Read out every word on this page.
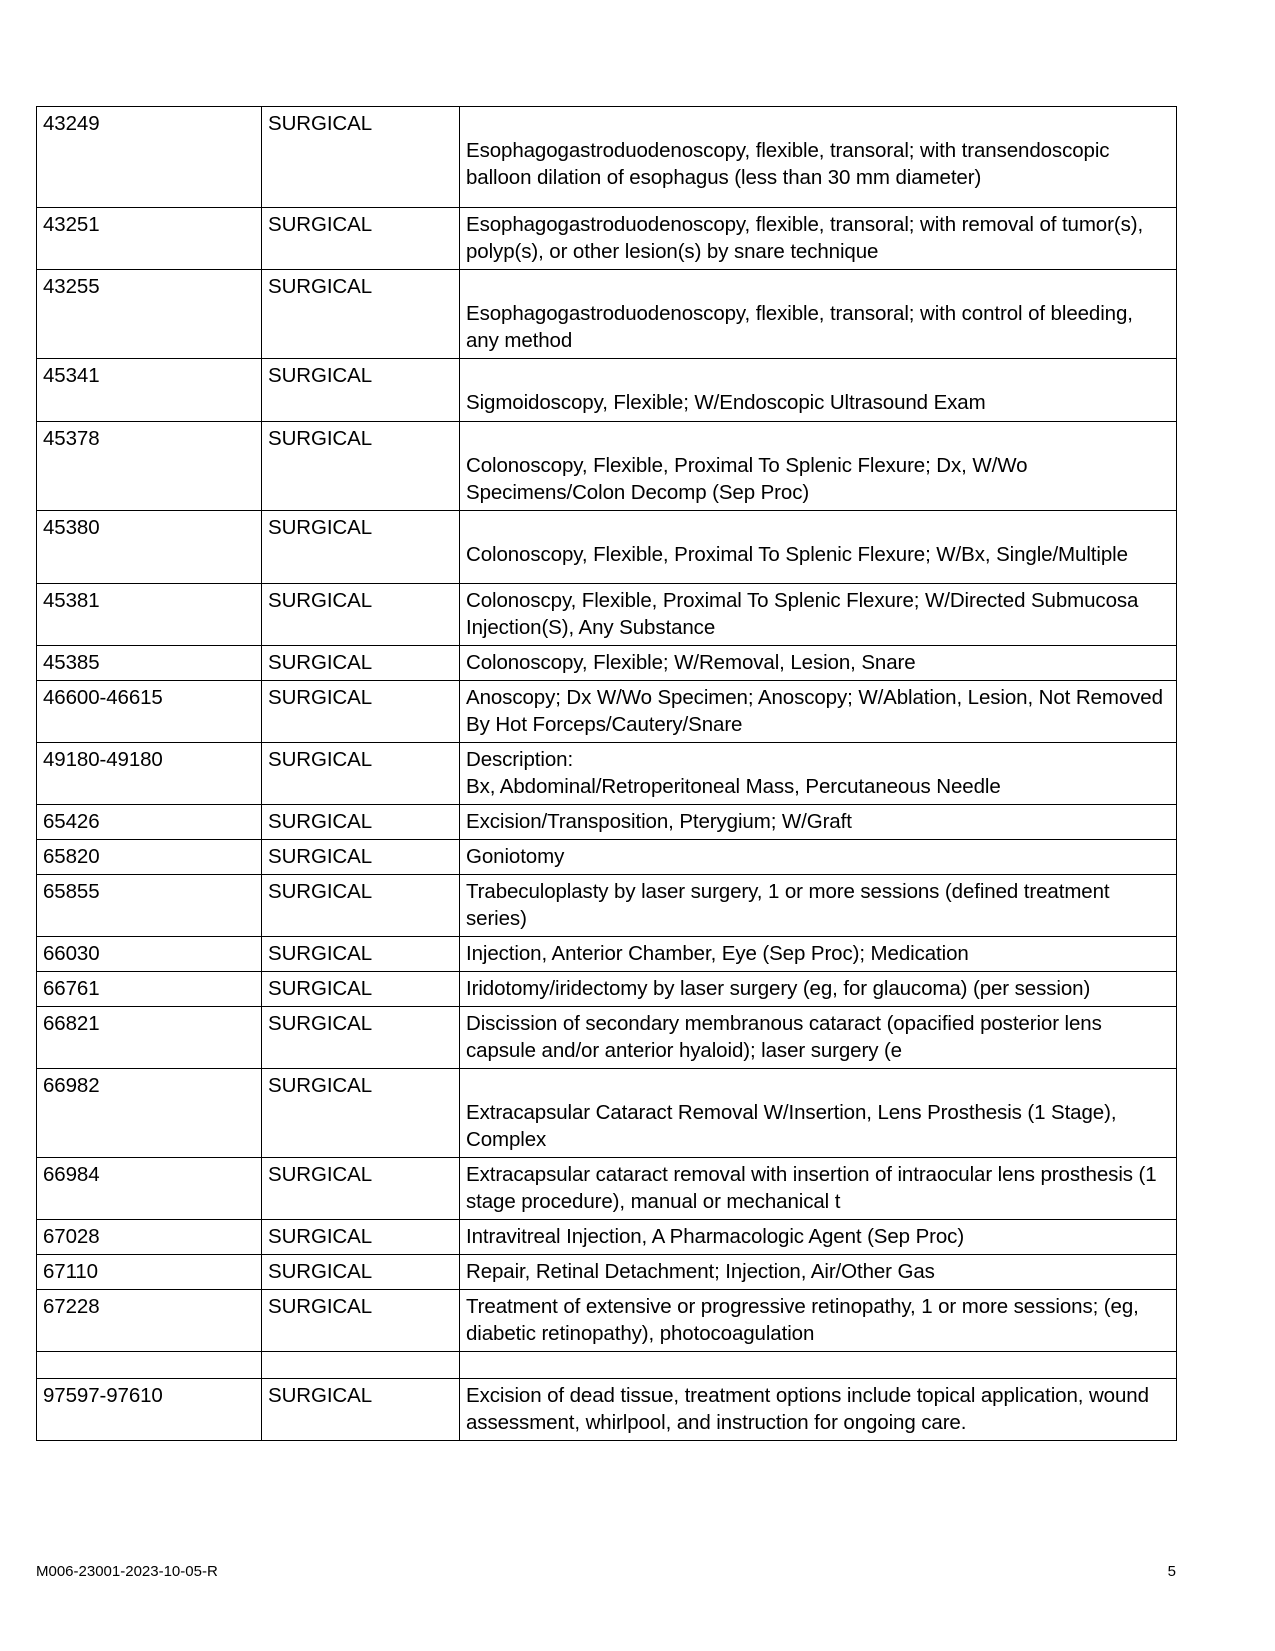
43249	SURGICAL	Esophagogastroduodenoscopy, flexible, transoral; with transendoscopic balloon dilation of esophagus (less than 30 mm diameter)

43251	SURGICAL	Esophagogastroduodenoscopy, flexible, transoral; with removal of tumor(s), polyp(s), or other lesion(s) by snare technique

43255	SURGICAL	Esophagogastroduodenoscopy, flexible, transoral; with control of bleeding, any method

45341	SURGICAL	Sigmoidoscopy, Flexible; W/Endoscopic Ultrasound Exam

45378	SURGICAL	Colonoscopy, Flexible, Proximal To Splenic Flexure; Dx, W/Wo Specimens/Colon Decomp (Sep Proc)

45380	SURGICAL	Colonoscopy, Flexible, Proximal To Splenic Flexure; W/Bx, Single/Multiple

45381	SURGICAL	Colonoscpy, Flexible, Proximal To Splenic Flexure; W/Directed Submucosa Injection(S), Any Substance

45385	SURGICAL	Colonoscopy, Flexible; W/Removal, Lesion, Snare

46600-46615	SURGICAL	Anoscopy; Dx W/Wo Specimen; Anoscopy; W/Ablation, Lesion, Not Removed By Hot Forceps/Cautery/Snare

49180-49180	SURGICAL	Description:
Bx, Abdominal/Retroperitoneal Mass, Percutaneous Needle

65426	SURGICAL	Excision/Transposition, Pterygium; W/Graft

65820	SURGICAL	Goniotomy

65855	SURGICAL	Trabeculoplasty by laser surgery, 1 or more sessions (defined treatment series)

66030	SURGICAL	Injection, Anterior Chamber, Eye (Sep Proc); Medication

66761	SURGICAL	Iridotomy/iridectomy by laser surgery (eg, for glaucoma) (per session)

66821	SURGICAL	Discission of secondary membranous cataract (opacified posterior lens capsule and/or anterior hyaloid); laser surgery (e

66982	SURGICAL	Extracapsular Cataract Removal W/Insertion, Lens Prosthesis (1 Stage), Complex

66984	SURGICAL	Extracapsular cataract removal with insertion of intraocular lens prosthesis (1 stage procedure), manual or mechanical t

67028	SURGICAL	Intravitreal Injection, A Pharmacologic Agent (Sep Proc)

67110	SURGICAL	Repair, Retinal Detachment; Injection, Air/Other Gas

67228	SURGICAL	Treatment of extensive or progressive retinopathy, 1 or more sessions; (eg, diabetic retinopathy), photocoagulation

97597-97610	SURGICAL	Excision of dead tissue, treatment options include topical application, wound assessment, whirlpool, and instruction for ongoing care.
M006-23001-2023-10-05-R	5
